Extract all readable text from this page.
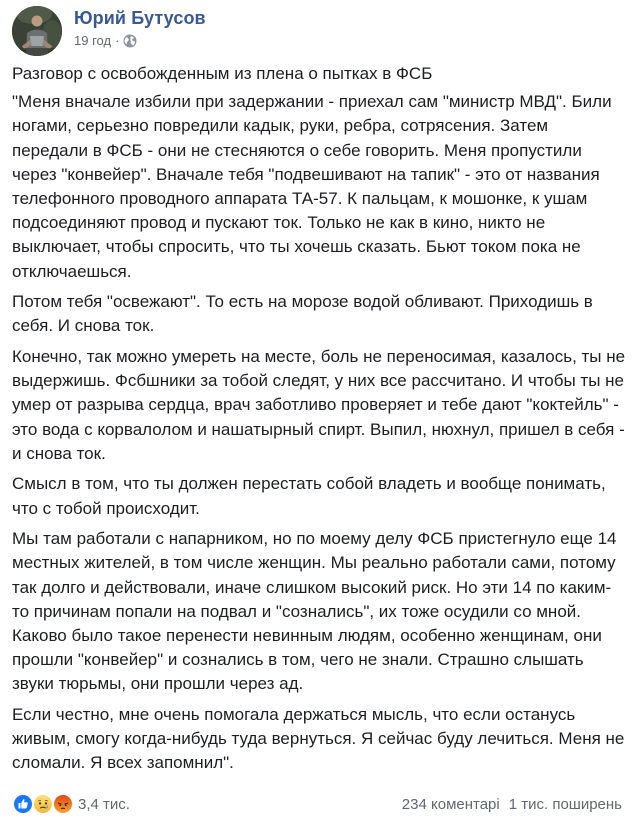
Юрий Бутусов
19 год ·

Разговор с освобожденным из плена о пытках в ФСБ

"Меня вначале избили при задержании - приехал сам "министр МВД". Били ногами, серьезно повредили кадык, руки, ребра, сотрясения. Затем передали в ФСБ - они не стесняются о себе говорить. Меня пропустили через "конвейер". Вначале тебя "подвешивают на тапик" - это от названия телефонного проводного аппарата ТА-57. К пальцам, к мошонке, к ушам подсоединяют провод и пускают ток. Только не как в кино, никто не выключает, чтобы спросить, что ты хочешь сказать. Бьют током пока не отключаешься.

Потом тебя "освежают". То есть на морозе водой обливают. Приходишь в себя. И снова ток.

Конечно, так можно умереть на месте, боль не переносимая, казалось, ты не выдержишь. Фсбшники за тобой следят, у них все рассчитано. И чтобы ты не умер от разрыва сердца, врач заботливо проверяет и тебе дают "коктейль" - это вода с корвалолом и нашатырный спирт. Выпил, нюхнул, пришел в себя - и снова ток.

Смысл в том, что ты должен перестать собой владеть и вообще понимать, что с тобой происходит.

Мы там работали с напарником, но по моему делу ФСБ пристегнуло еще 14 местных жителей, в том числе женщин. Мы реально работали сами, потому так долго и действовали, иначе слишком высокий риск. Но эти 14 по каким-то причинам попали на подвал и "сознались", их тоже осудили со мной. Каково было такое перенести невинным людям, особенно женщинам, они прошли "конвейер" и сознались в том, чего не знали. Страшно слышать звуки тюрьмы, они прошли через ад.

Если честно, мне очень помогала держаться мысль, что если останусь живым, смогу когда-нибудь туда вернуться. Я сейчас буду лечиться. Меня не сломали. Я всех запомнил".

3,4 тис.	234 коментарі 1 тис. поширень
